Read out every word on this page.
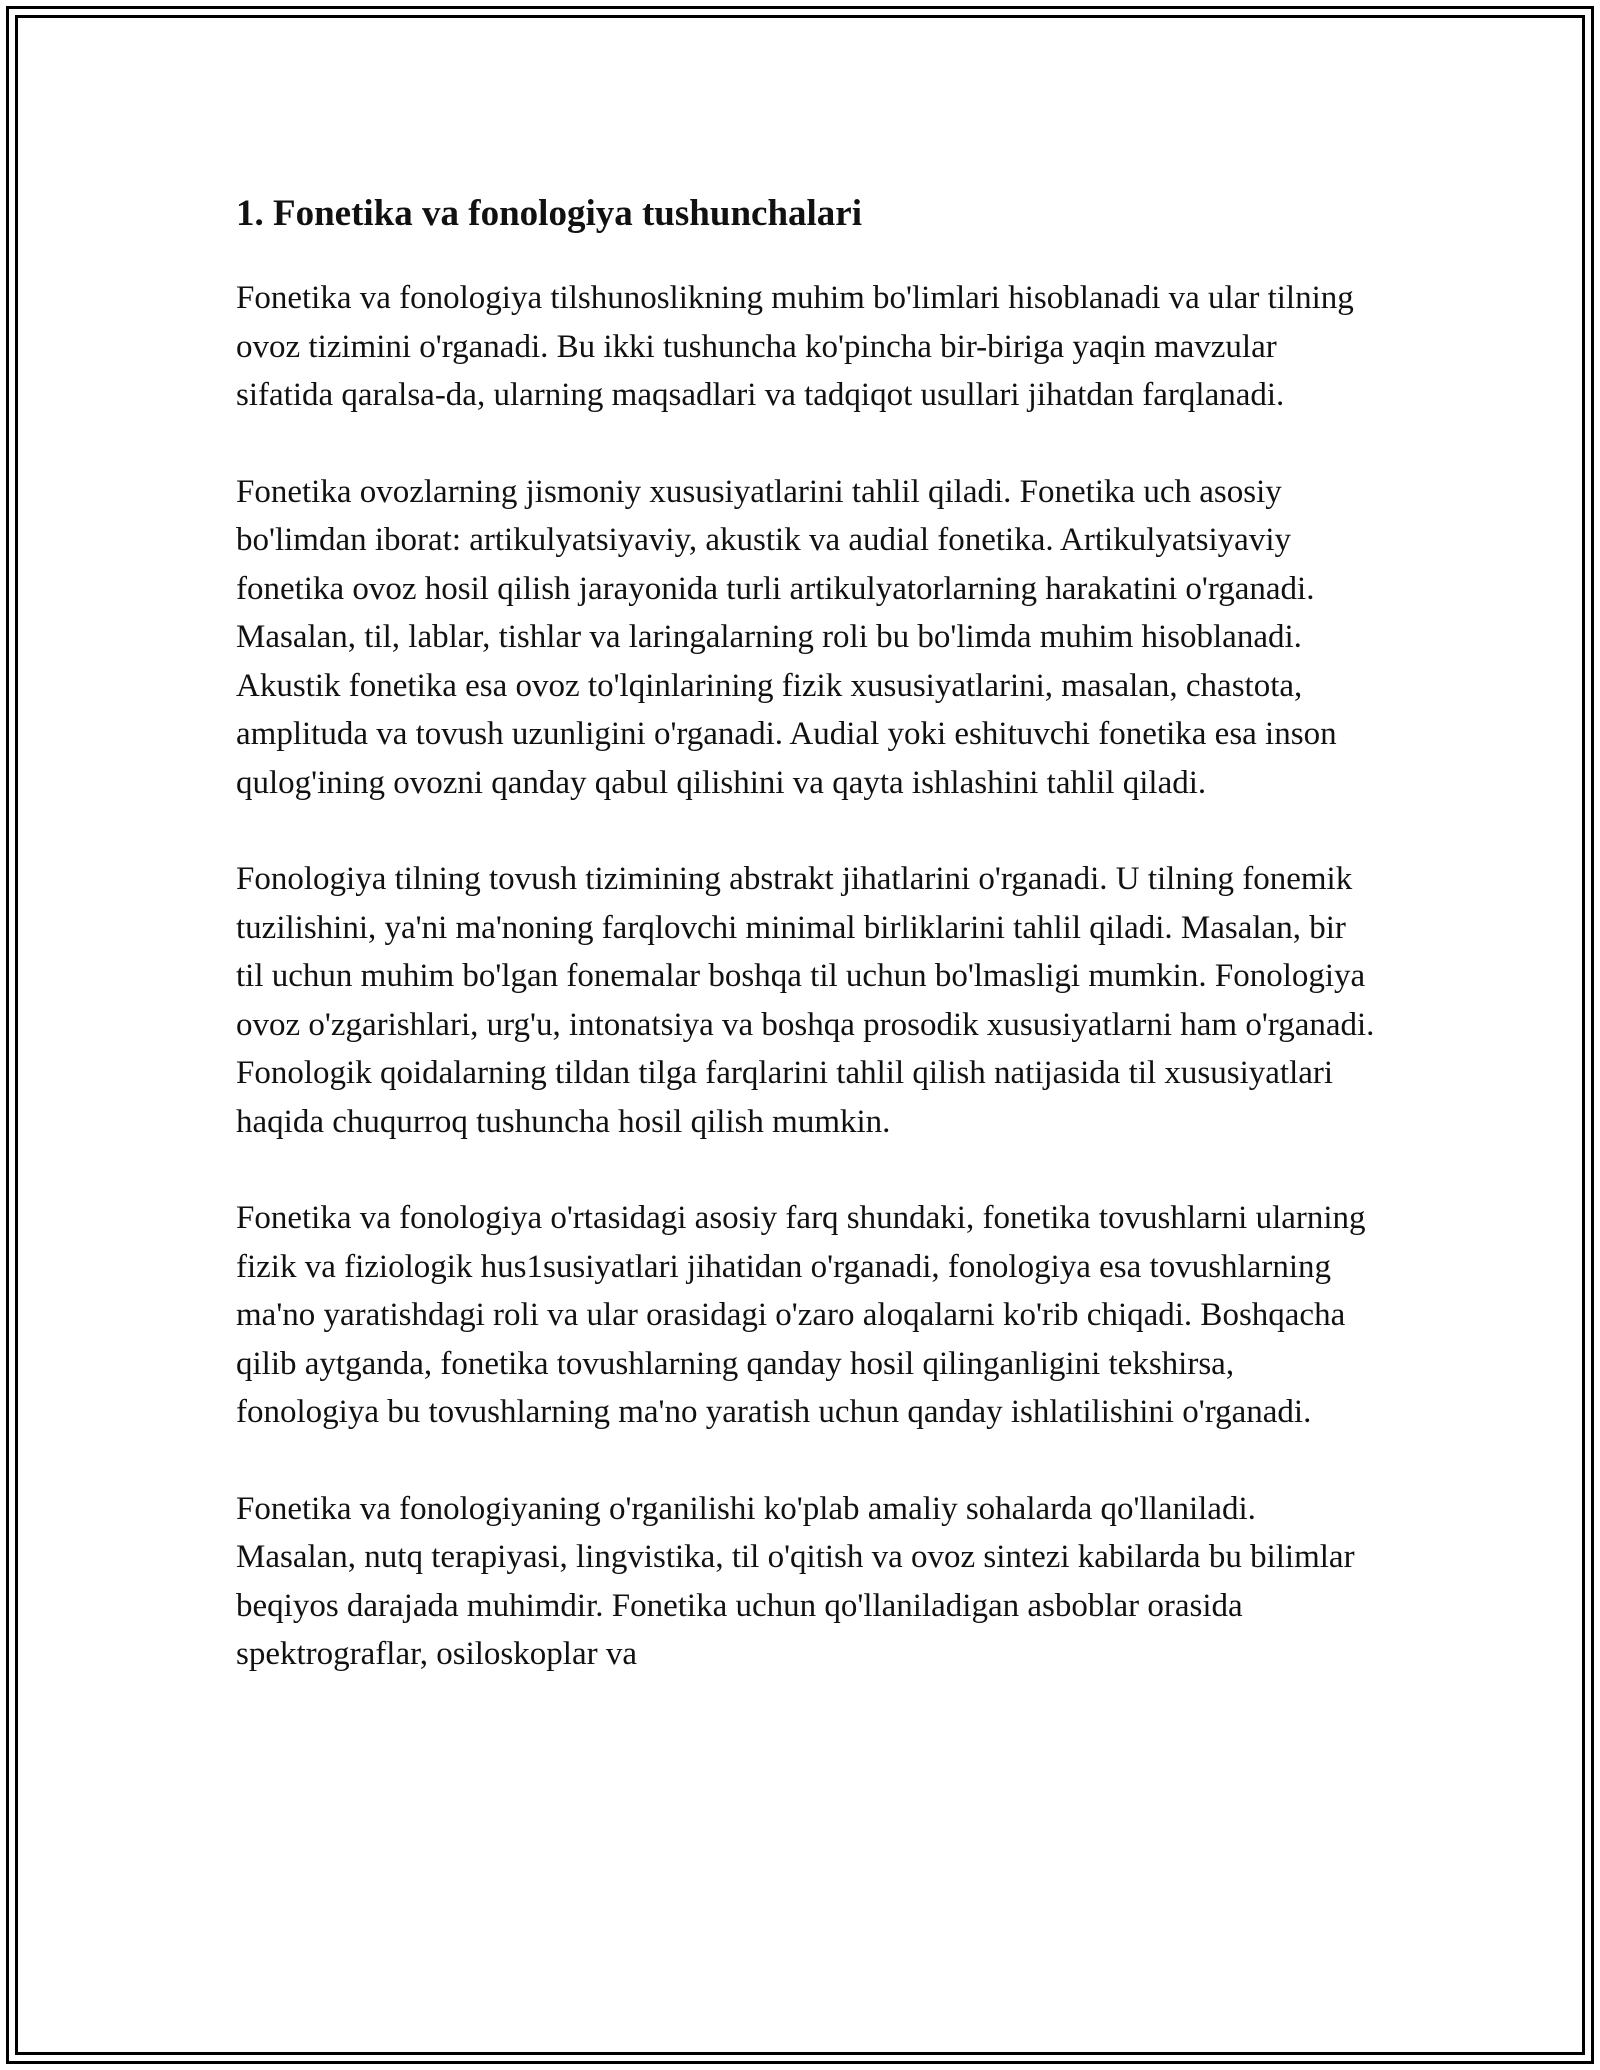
1. Fonetika va fonologiya tushunchalari

Fonetika va fonologiya tilshunoslikning muhim bo'limlari hisoblanadi va ular tilning ovoz tizimini o'rganadi. Bu ikki tushuncha ko'pincha bir-biriga yaqin mavzular sifatida qaralsa-da, ularning maqsadlari va tadqiqot usullari jihatdan farqlanadi.

Fonetika ovozlarning jismoniy xususiyatlarini tahlil qiladi. Fonetika uch asosiy bo'limdan iborat: artikulyatsiyaviy, akustik va audial fonetika. Artikulyatsiyaviy fonetika ovoz hosil qilish jarayonida turli artikulyatorlarning harakatini o'rganadi. Masalan, til, lablar, tishlar va laringalarning roli bu bo'limda muhim hisoblanadi. Akustik fonetika esa ovoz to'lqinlarining fizik xususiyatlarini, masalan, chastota, amplituda va tovush uzunligini o'rganadi. Audial yoki eshituvchi fonetika esa inson qulog'ining ovozni qanday qabul qilishini va qayta ishlashini tahlil qiladi.

Fonologiya tilning tovush tizimining abstrakt jihatlarini o'rganadi. U tilning fonemik tuzilishini, ya'ni ma'noning farqlovchi minimal birliklarini tahlil qiladi. Masalan, bir til uchun muhim bo'lgan fonemalar boshqa til uchun bo'lmasligi mumkin. Fonologiya ovoz o'zgarishlari, urg'u, intonatsiya va boshqa prosodik xususiyatlarni ham o'rganadi. Fonologik qoidalarning tildan tilga farqlarini tahlil qilish natijasida til xususiyatlari haqida chuqurroq tushuncha hosil qilish mumkin.

Fonetika va fonologiya o'rtasidagi asosiy farq shundaki, fonetika tovushlarni ularning fizik va fiziologik hus1susiyatlari jihatidan o'rganadi, fonologiya esa tovushlarning ma'no yaratishdagi roli va ular orasidagi o'zaro aloqalarni ko'rib chiqadi. Boshqacha qilib aytganda, fonetika tovushlarning qanday hosil qilinganligini tekshirsa, fonologiya bu tovushlarning ma'no yaratish uchun qanday ishlatilishini o'rganadi.

Fonetika va fonologiyaning o'rganilishi ko'plab amaliy sohalarda qo'llaniladi. Masalan, nutq terapiyasi, lingvistika, til o'qitish va ovoz sintezi kabilarda bu bilimlar beqiyos darajada muhimdir. Fonetika uchun qo'llaniladigan asboblar orasida spektrograflar, osiloskoplar va
